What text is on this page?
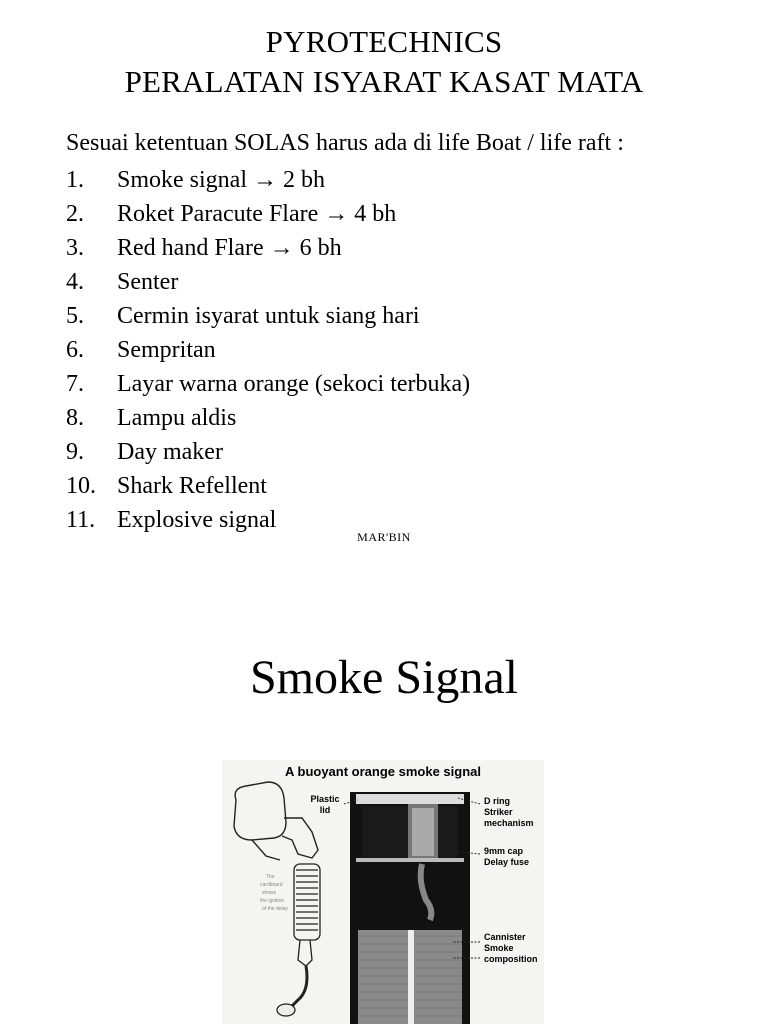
PYROTECHNICS
PERALATAN ISYARAT KASAT MATA
Sesuai ketentuan SOLAS harus ada di life Boat / life raft :
1.	Smoke signal → 2 bh
2.	Roket Paracute Flare → 4 bh
3.	Red hand Flare → 6 bh
4.	Senter
5.	Cermin isyarat untuk siang hari
6.	Sempritan
7.	Layar warna orange (sekoci terbuka)
8.	Lampu aldis
9.	Day maker
10. Shark Refellent
11. Explosive signal
MAR'BIN
Smoke Signal
The
cardboard
shows
the ignition
of the delay
A buoyant orange smoke signal
Plastic
lid
D ring
Striker
mechanism
9mm cap
Delay fuse
Cannister
Smoke
composition
